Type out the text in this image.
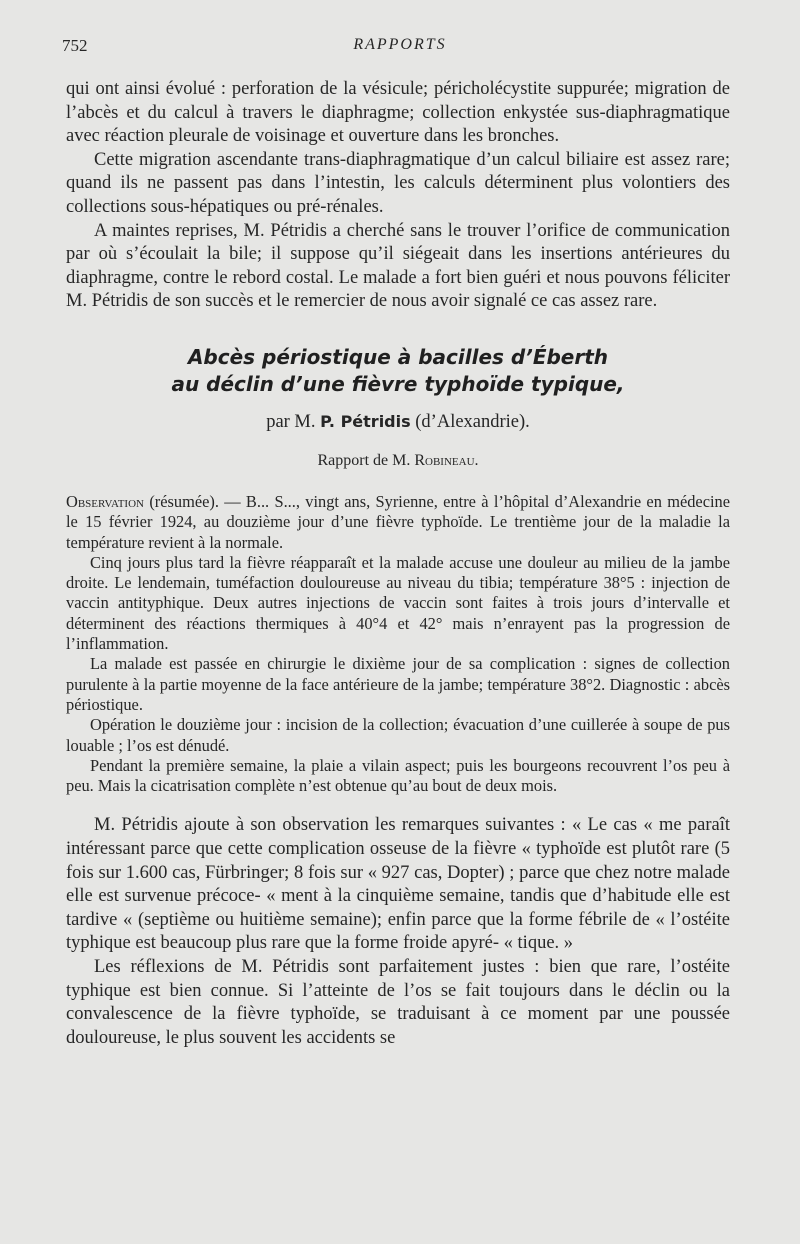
752	RAPPORTS

qui ont ainsi évolué : perforation de la vésicule; péricholécystite suppurée; migration de l’abcès et du calcul à travers le diaphragme; collection enkystée sus-diaphragmatique avec réaction pleurale de voisinage et ouverture dans les bronches.

Cette migration ascendante trans-diaphragmatique d’un calcul biliaire est assez rare; quand ils ne passent pas dans l’intestin, les calculs déterminent plus volontiers des collections sous-hépatiques ou pré-rénales.

A maintes reprises, M. Pétridis a cherché sans le trouver l’orifice de communication par où s’écoulait la bile; il suppose qu’il siégeait dans les insertions antérieures du diaphragme, contre le rebord costal. Le malade a fort bien guéri et nous pouvons féliciter M. Pétridis de son succès et le remercier de nous avoir signalé ce cas assez rare.

Abcès périostique à bacilles d’Éberth
au déclin d’une fièvre typhoïde typique,
par M. P. Pétridis (d’Alexandrie).
Rapport de M. Robineau.

Observation (résumée). — B... S..., vingt ans, Syrienne, entre à l’hôpital d’Alexandrie en médecine le 15 février 1924, au douzième jour d’une fièvre typhoïde. Le trentième jour de la maladie la température revient à la normale.

Cinq jours plus tard la fièvre réapparaît et la malade accuse une douleur au milieu de la jambe droite. Le lendemain, tuméfaction douloureuse au niveau du tibia; température 38°5 : injection de vaccin antityphique. Deux autres injections de vaccin sont faites à trois jours d’intervalle et déterminent des réactions thermiques à 40°4 et 42° mais n’enrayent pas la progression de l’inflammation.

La malade est passée en chirurgie le dixième jour de sa complication : signes de collection purulente à la partie moyenne de la face antérieure de la jambe; température 38°2. Diagnostic : abcès périostique.

Opération le douzième jour : incision de la collection; évacuation d’une cuillerée à soupe de pus louable ; l’os est dénudé.

Pendant la première semaine, la plaie a vilain aspect; puis les bourgeons recouvrent l’os peu à peu. Mais la cicatrisation complète n’est obtenue qu’au bout de deux mois.

M. Pétridis ajoute à son observation les remarques suivantes : « Le cas « me paraît intéressant parce que cette complication osseuse de la fièvre « typhoïde est plutôt rare (5 fois sur 1.600 cas, Fürbringer; 8 fois sur « 927 cas, Dopter) ; parce que chez notre malade elle est survenue précoce- « ment à la cinquième semaine, tandis que d’habitude elle est tardive « (septième ou huitième semaine); enfin parce que la forme fébrile de « l’ostéite typhique est beaucoup plus rare que la forme froide apyré- « tique. »

Les réflexions de M. Pétridis sont parfaitement justes : bien que rare, l’ostéite typhique est bien connue. Si l’atteinte de l’os se fait toujours dans le déclin ou la convalescence de la fièvre typhoïde, se traduisant à ce moment par une poussée douloureuse, le plus souvent les accidents se
